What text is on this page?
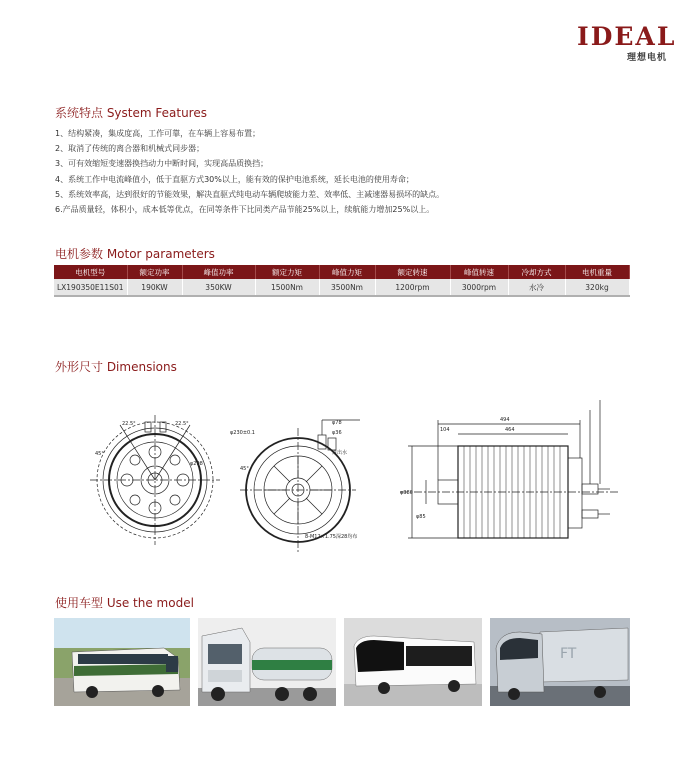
IDEAL
理想电机
系统特点 System Features
1、结构紧凑，集成度高，工作可靠，在车辆上容易布置；
2、取消了传统的离合器和机械式同步器；
3、可有效缩短变速器换挡动力中断时间，实现高品质换挡；
4、系统工作中电流峰值小，低于直驱方式30%以上，能有效的保护电池系统，延长电池的使用寿命；
5、系统效率高，达到很好的节能效果，解决直驱式纯电动车辆爬坡能力差、效率低、主减速器易损坏的缺点。
6.产品质量轻，体积小，成本低等优点，在同等条件下比同类产品节能25%以上，续航能力增加25%以上。
电机参数 Motor parameters
电机型号	额定功率	峰值功率	额定力矩	峰值力矩	额定转速	峰值转速	冷却方式	电机重量
LX190350E11S01	190KW	350KW	1500Nm	3500Nm	1200rpm	3000rpm	水冷	320kg
外形尺寸 Dimensions
22.5°	22.5°
45°
φ298
φ230±0.1
φ78
φ36
45°
进出水
8-M12×1.75深28均布
494
464
104
φ380
φ85
使用车型 Use the model
FT
